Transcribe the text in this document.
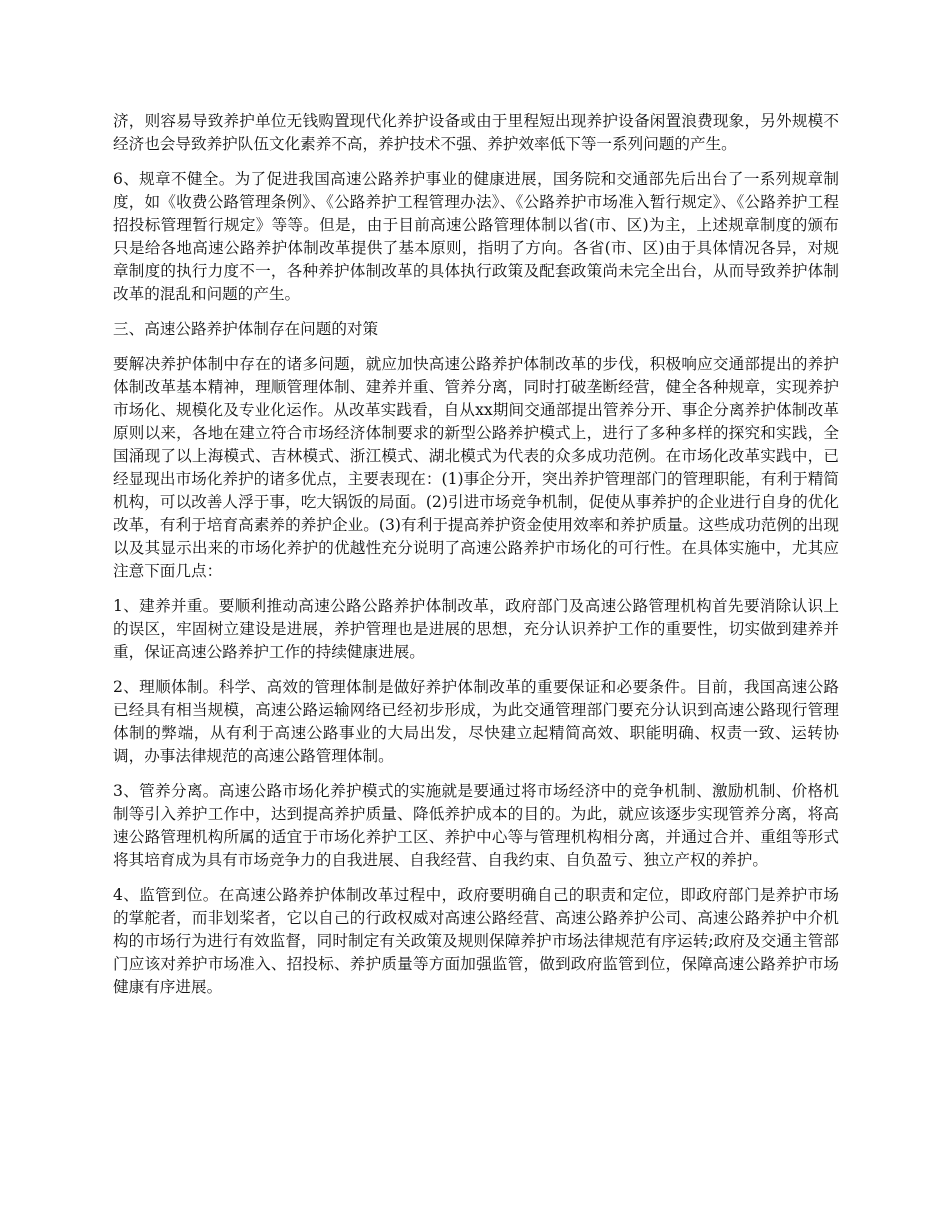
济，则容易导致养护单位无钱购置现代化养护设备或由于里程短出现养护设备闲置浪费现象，另外规模不经济也会导致养护队伍文化素养不高，养护技术不强、养护效率低下等一系列问题的产生。

6、规章不健全。为了促进我国高速公路养护事业的健康进展，国务院和交通部先后出台了一系列规章制度，如《收费公路管理条例》、《公路养护工程管理办法》、《公路养护市场准入暂行规定》、《公路养护工程招投标管理暂行规定》等等。但是，由于目前高速公路管理体制以省(市、区)为主，上述规章制度的颁布只是给各地高速公路养护体制改革提供了基本原则，指明了方向。各省(市、区)由于具体情况各异，对规章制度的执行力度不一，各种养护体制改革的具体执行政策及配套政策尚未完全出台，从而导致养护体制改革的混乱和问题的产生。

三、高速公路养护体制存在问题的对策

要解决养护体制中存在的诸多问题，就应加快高速公路养护体制改革的步伐，积极响应交通部提出的养护体制改革基本精神，理顺管理体制、建养并重、管养分离，同时打破垄断经营，健全各种规章，实现养护市场化、规模化及专业化运作。从改革实践看，自从xx期间交通部提出管养分开、事企分离养护体制改革原则以来，各地在建立符合市场经济体制要求的新型公路养护模式上，进行了多种多样的探究和实践，全国涌现了以上海模式、吉林模式、浙江模式、湖北模式为代表的众多成功范例。在市场化改革实践中，已经显现出市场化养护的诸多优点，主要表现在：(1)事企分开，突出养护管理部门的管理职能，有利于精简机构，可以改善人浮于事，吃大锅饭的局面。(2)引进市场竞争机制，促使从事养护的企业进行自身的优化改革，有利于培育高素养的养护企业。(3)有利于提高养护资金使用效率和养护质量。这些成功范例的出现以及其显示出来的市场化养护的优越性充分说明了高速公路养护市场化的可行性。在具体实施中，尤其应注意下面几点：

1、建养并重。要顺利推动高速公路公路养护体制改革，政府部门及高速公路管理机构首先要消除认识上的误区，牢固树立建设是进展，养护管理也是进展的思想，充分认识养护工作的重要性，切实做到建养并重，保证高速公路养护工作的持续健康进展。

2、理顺体制。科学、高效的管理体制是做好养护体制改革的重要保证和必要条件。目前，我国高速公路已经具有相当规模，高速公路运输网络已经初步形成，为此交通管理部门要充分认识到高速公路现行管理体制的弊端，从有利于高速公路事业的大局出发，尽快建立起精简高效、职能明确、权责一致、运转协调，办事法律规范的高速公路管理体制。

3、管养分离。高速公路市场化养护模式的实施就是要通过将市场经济中的竞争机制、激励机制、价格机制等引入养护工作中，达到提高养护质量、降低养护成本的目的。为此，就应该逐步实现管养分离，将高速公路管理机构所属的适宜于市场化养护工区、养护中心等与管理机构相分离，并通过合并、重组等形式将其培育成为具有市场竞争力的自我进展、自我经营、自我约束、自负盈亏、独立产权的养护。

4、监管到位。在高速公路养护体制改革过程中，政府要明确自己的职责和定位，即政府部门是养护市场的掌舵者，而非划桨者，它以自己的行政权威对高速公路经营、高速公路养护公司、高速公路养护中介机构的市场行为进行有效监督，同时制定有关政策及规则保障养护市场法律规范有序运转;政府及交通主管部门应该对养护市场准入、招投标、养护质量等方面加强监管，做到政府监管到位，保障高速公路养护市场健康有序进展。
